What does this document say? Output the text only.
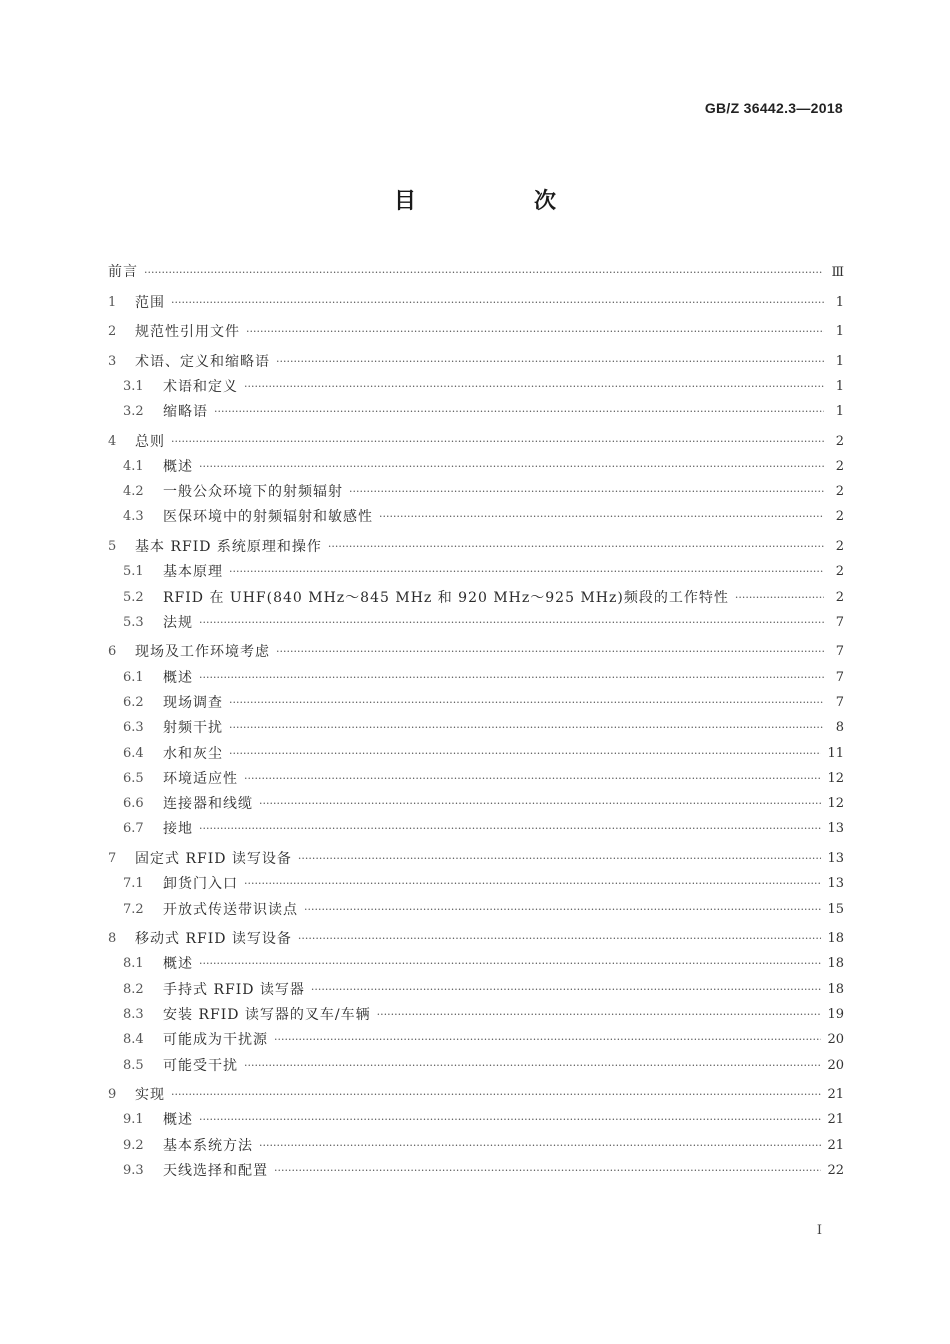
GB/Z 36442.3—2018
目　次
前言 ·····	Ⅲ
1	范围 ·····	1
2	规范性引用文件 ·····	1
3	术语、定义和缩略语 ·····	1
3.1	术语和定义 ·····	1
3.2	缩略语 ·····	1
4	总则 ·····	2
4.1	概述 ·····	2
4.2	一般公众环境下的射频辐射 ·····	2
4.3	医保环境中的射频辐射和敏感性 ·····	2
5	基本 RFID 系统原理和操作 ·····	2
5.1	基本原理 ·····	2
5.2	RFID 在 UHF(840 MHz～845 MHz 和 920 MHz～925 MHz)频段的工作特性 ·····	2
5.3	法规 ·····	7
6	现场及工作环境考虑 ·····	7
6.1	概述 ·····	7
6.2	现场调查 ·····	7
6.3	射频干扰 ·····	8
6.4	水和灰尘 ·····	11
6.5	环境适应性 ·····	12
6.6	连接器和线缆 ·····	12
6.7	接地 ·····	13
7	固定式 RFID 读写设备 ·····	13
7.1	卸货门入口 ·····	13
7.2	开放式传送带识读点 ·····	15
8	移动式 RFID 读写设备 ·····	18
8.1	概述 ·····	18
8.2	手持式 RFID 读写器 ·····	18
8.3	安装 RFID 读写器的叉车/车辆 ·····	19
8.4	可能成为干扰源 ·····	20
8.5	可能受干扰 ·····	20
9	实现 ·····	21
9.1	概述 ·····	21
9.2	基本系统方法 ·····	21
9.3	天线选择和配置 ·····	22
I
